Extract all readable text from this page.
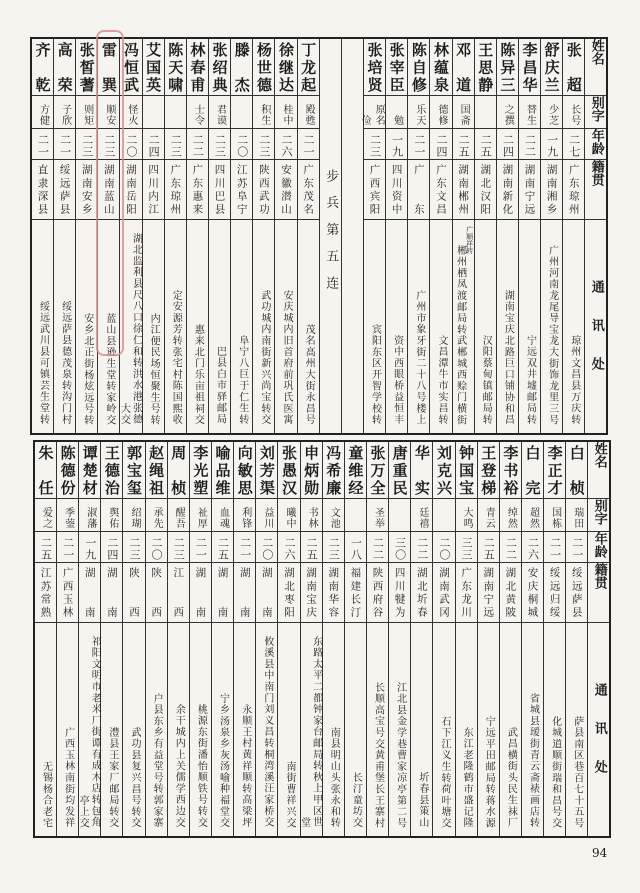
姓名	张超	舒庆兰	李昌华	陈异三	王思静	邓道	林蕴泉	陈自修	张宰臣	张培贤		步兵第五连	丁龙起	徐继达	杨世德	滕杰	张绍典	林春甫	陈天啸	艾国英	冯恒武	雷巽	张皙蓍	高荣	齐乾

别字	长号	少芝	替生	之撰		国斋	德修	乐天	勉	原名俭			殿甦	桂中	积生		君谟	士令			怪火	顺安	则矩	子欣	方健

年龄	二七	一九	二二	二四	二五	二五	二四	二一	一九	二三			二一	二六	二三	二〇	二三	二二	二三	二四	二〇	二三	二三	二一	二一

籍贯	广东琼州	湖南湘乡	湖南宁远	湖南新化	湖北汉阳	湖南郴州	广东文昌	广东	四川资中	广西宾阳			广东茂名	安徽潜山	陕西武功	江苏阜宁	四川巴县	广东惠来	广东琼州	四川内江	湖南岳阳	湖南蓝山	湖南安乡	绥远萨县	直隶深县

通讯处	琼州文昌县万庆转	广州河南龙尾导宝龙大街饰龙里三号	宁远双井墟邮局转	湖南宝庆北路巨口铺协和昌	汉阳蔡甸镇邮局转	广顺祥转郴州栖凤渡邮局转武郴城西赊门横街	文昌潭牛市实昌转	广州市象牙街二十八号楼上	资中西眼桥益恒丰	宾阳东区开智学校转			茂名高州大街永昌号	安庆城内旧首府前巩氏医寓	武功城内南街新兴尚宝转交	阜宁八巨于仁生转	巴县白市驿邮局	惠来北门乐亩祖祠交	定安源芳转张宅村陈国熙收	内江便民场恒聚生号转	湖北监利县尺八口徐仁和转洪水港张德大交	蓝山县逊生堂转家岭交	安乡北正街杨炫远号转	绥远萨县德茂泉转沟门村	绥远武川县可镇芸生堂转
姓名	白桢	李正才	白完	李书裕	王登梯	钟国宝	刘克兴	华实	唐重民	张万全	童维经	冯希廉	申炳勋	张愚汉	刘芳渠	向敏思	喻品维	李光塑	周桢	赵绳祖	郭宝玺	王德治	谭楚材	陈德份	朱任

别字	瑞田	国栋	超然	绰然	青云	大鸣		廷禧		圣举		文池	书林	曦中	益川	利锋	血魂	祉厚	醒吾	承先	绍瑚	舆佑	淑藩	季蓥	爱之

年龄	二一	二一	二六	二二	二五	三三	二〇	二二	三〇	二二	一八	二三	二五	二六	二〇	二一	二五	二一	二三	二〇	二三	二四	一九	二一	二五

籍贯	绥远萨县	绥远归绥	安庆桐城	湖北黄陂	湖南宁远	广东龙川	湖南武冈	湖北圻春	四川犍为	陕西府谷	福建长汀	湖南华容	湖南宝庆	湖北枣阳	湖南	湖南	湖南	湖南	江西	陕西	陕西	湖南	湖南	广西玉林	江苏常熟

通讯处	萨县南区巷百七十五号	化城道顺街瑞和昌号交	省城县瑷街青云斋裱画店转	武昌横街头民生袜厂	宁远平田邮局转蒋水源	东江老隆鹤市盛记隆	石下江义生转荷叶塘交	圻春县策山	江北县金学巷曹家凉亭第二号	长顺高宝号交黄甫堡长王寨村	长汀童坊交	南县明山头张永和转	东路太平二都钟家台邮局转秋上甲区世堂	南街曹祥兴交	攸溪县中南门刘义昌转桐湾溪汪家桥交	永顺王村黄祥顺转高梁坪	宁乡汤泉乡灰汤喻种福堂交	桃源东街潘怡顺铁号转交	余干城内上关儒学西边交	户县东乡有益堂号转郭家寨	武功县复兴昌号转交	澧县王家厂邮局转交	祁阳文明市老米厂街谭有成木店转包角亭上交	广西玉林南街均发祥	无锡杨合老宅
94
